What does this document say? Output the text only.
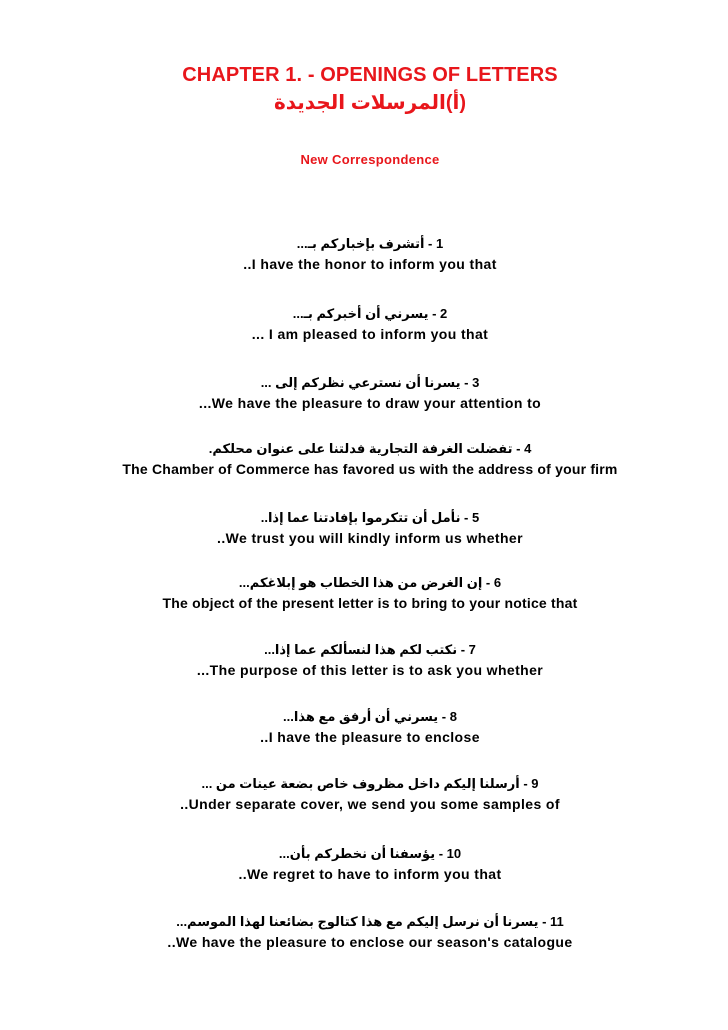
CHAPTER 1. - OPENINGS OF LETTERS
(أ)المرسلات الجديدة
New Correspondence
1 - أتشرف بإخباركم بـ...
..I have the honor to inform you that
2 - يسرني أن أخبركم بـ...
... I am pleased to inform you that
3 - يسرنا أن نسترعي نظركم إلى ...
...We have the pleasure to draw your attention to
4 - تفضلت الغرفة التجارية فدلتنا على عنوان محلكم.
The Chamber of Commerce has favored us with the address of your firm
5 - نأمل أن تتكرموا بإفادتنا عما إذا..
..We trust you will kindly inform us whether
6 - إن الغرض من هذا الخطاب هو إبلاغكم...
The object of the present letter is to bring to your notice that
7 - نكتب لكم هذا لنسألكم عما إذا...
...The purpose of this letter is to ask you whether
8 - يسرني أن أرفق مع هذا...
..I have the pleasure to enclose
9 - أرسلنا إليكم داخل مظروف خاص بضعة عينات من ...
..Under separate cover, we send you some samples of
10 - يؤسفنا أن نخطركم بأن...
..We regret to have to inform you that
11 - يسرنا أن نرسل إليكم مع هذا كتالوج بضائعنا لهذا الموسم...
..We have the pleasure to enclose our season's catalogue
